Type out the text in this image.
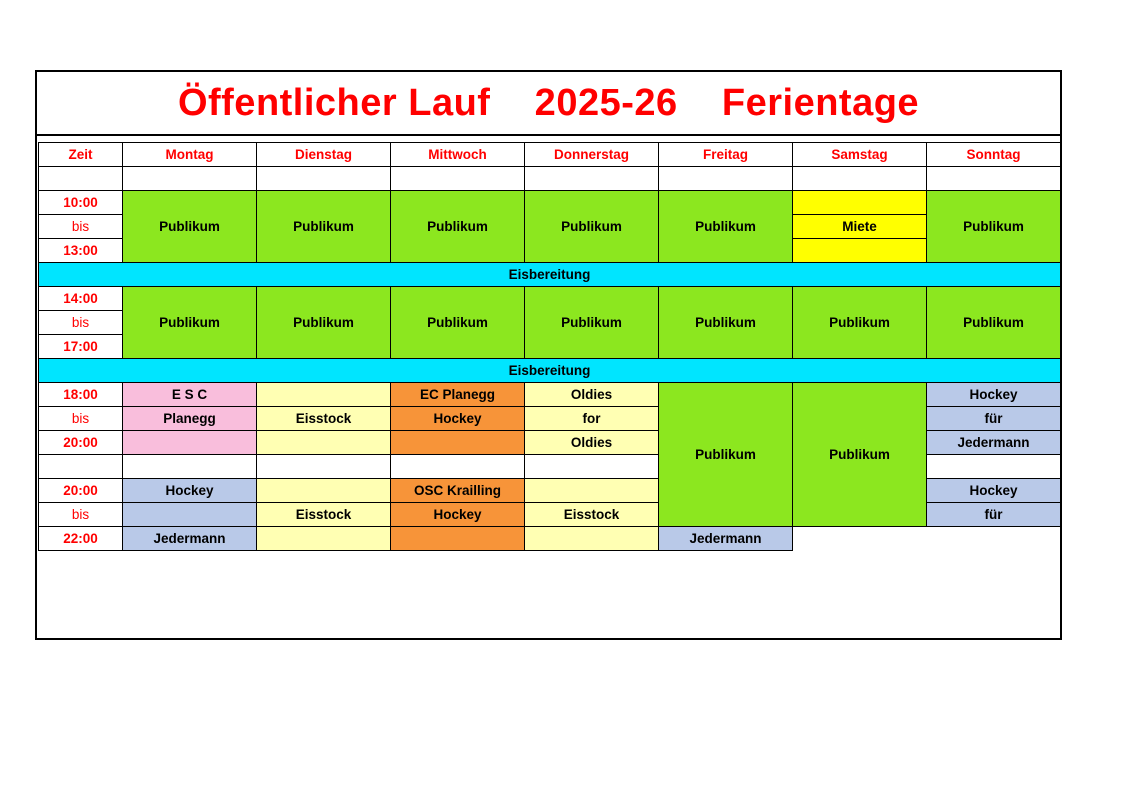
Öffentlicher Lauf    2025-26    Ferientage
Zeit	Montag	Dienstag	Mittwoch	Donnerstag	Freitag	Samstag	Sonntag

10:00	Publikum	Publikum	Publikum	Publikum	Publikum		Publikum
bis						Miete	
13:00							
Eisbereitung							
14:00	Publikum	Publikum	Publikum	Publikum	Publikum	Publikum	Publikum
bis							
17:00							
Eisbereitung							
18:00	E S C		EC Planegg	Oldies	Publikum	Publikum	Hockey
bis	Planegg	Eisstock	Hockey	for			für
20:00				Oldies			Jedermann

20:00	Hockey		OSC Krailling				Hockey
bis		Eisstock	Hockey	Eisstock			für
22:00	Jedermann				Jedermann		
